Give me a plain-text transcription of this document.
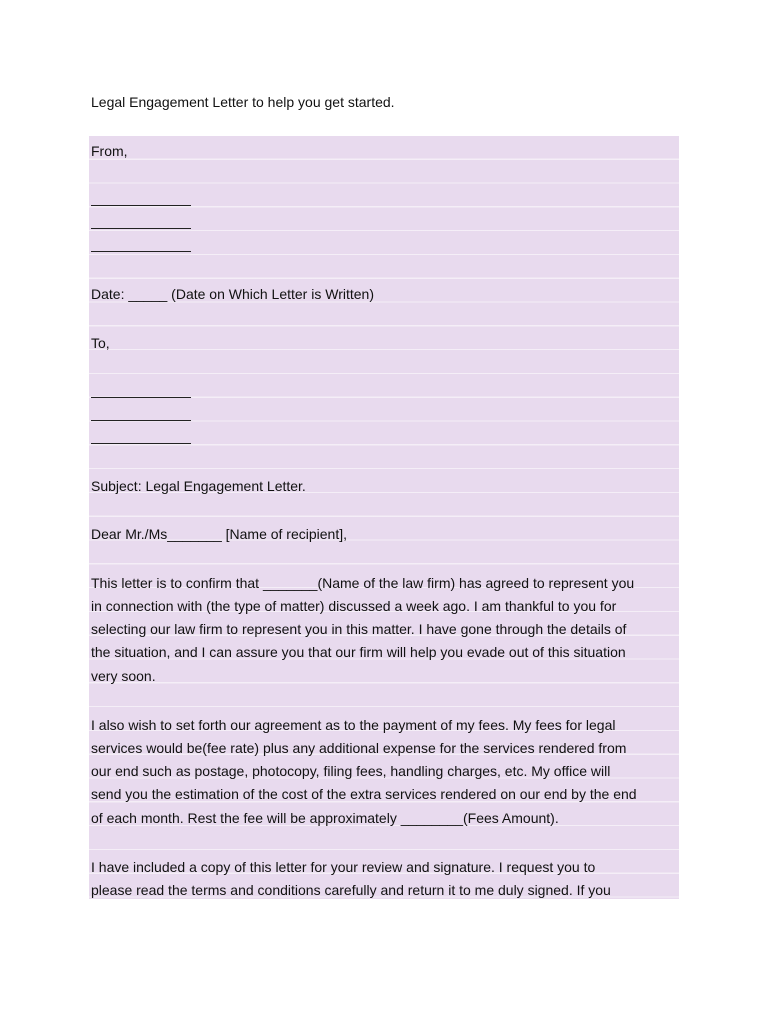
Legal Engagement Letter to help you get started.

From,

Date: _____ (Date on Which Letter is Written)

To,

Subject: Legal Engagement Letter.

Dear Mr./Ms_______ [Name of recipient],

This letter is to confirm that _______(Name of the law firm) has agreed to represent you

in connection with (the type of matter) discussed a week ago. I am thankful to you for

selecting our law firm to represent you in this matter. I have gone through the details of

the situation, and I can assure you that our firm will help you evade out of this situation

very soon.

I also wish to set forth our agreement as to the payment of my fees. My fees for legal

services would be(fee rate) plus any additional expense for the services rendered from

our end such as postage, photocopy, filing fees, handling charges, etc. My office will

send you the estimation of the cost of the extra services rendered on our end by the end

of each month. Rest the fee will be approximately ________(Fees Amount).

I have included a copy of this letter for your review and signature. I request you to

please read the terms and conditions carefully and return it to me duly signed. If you
